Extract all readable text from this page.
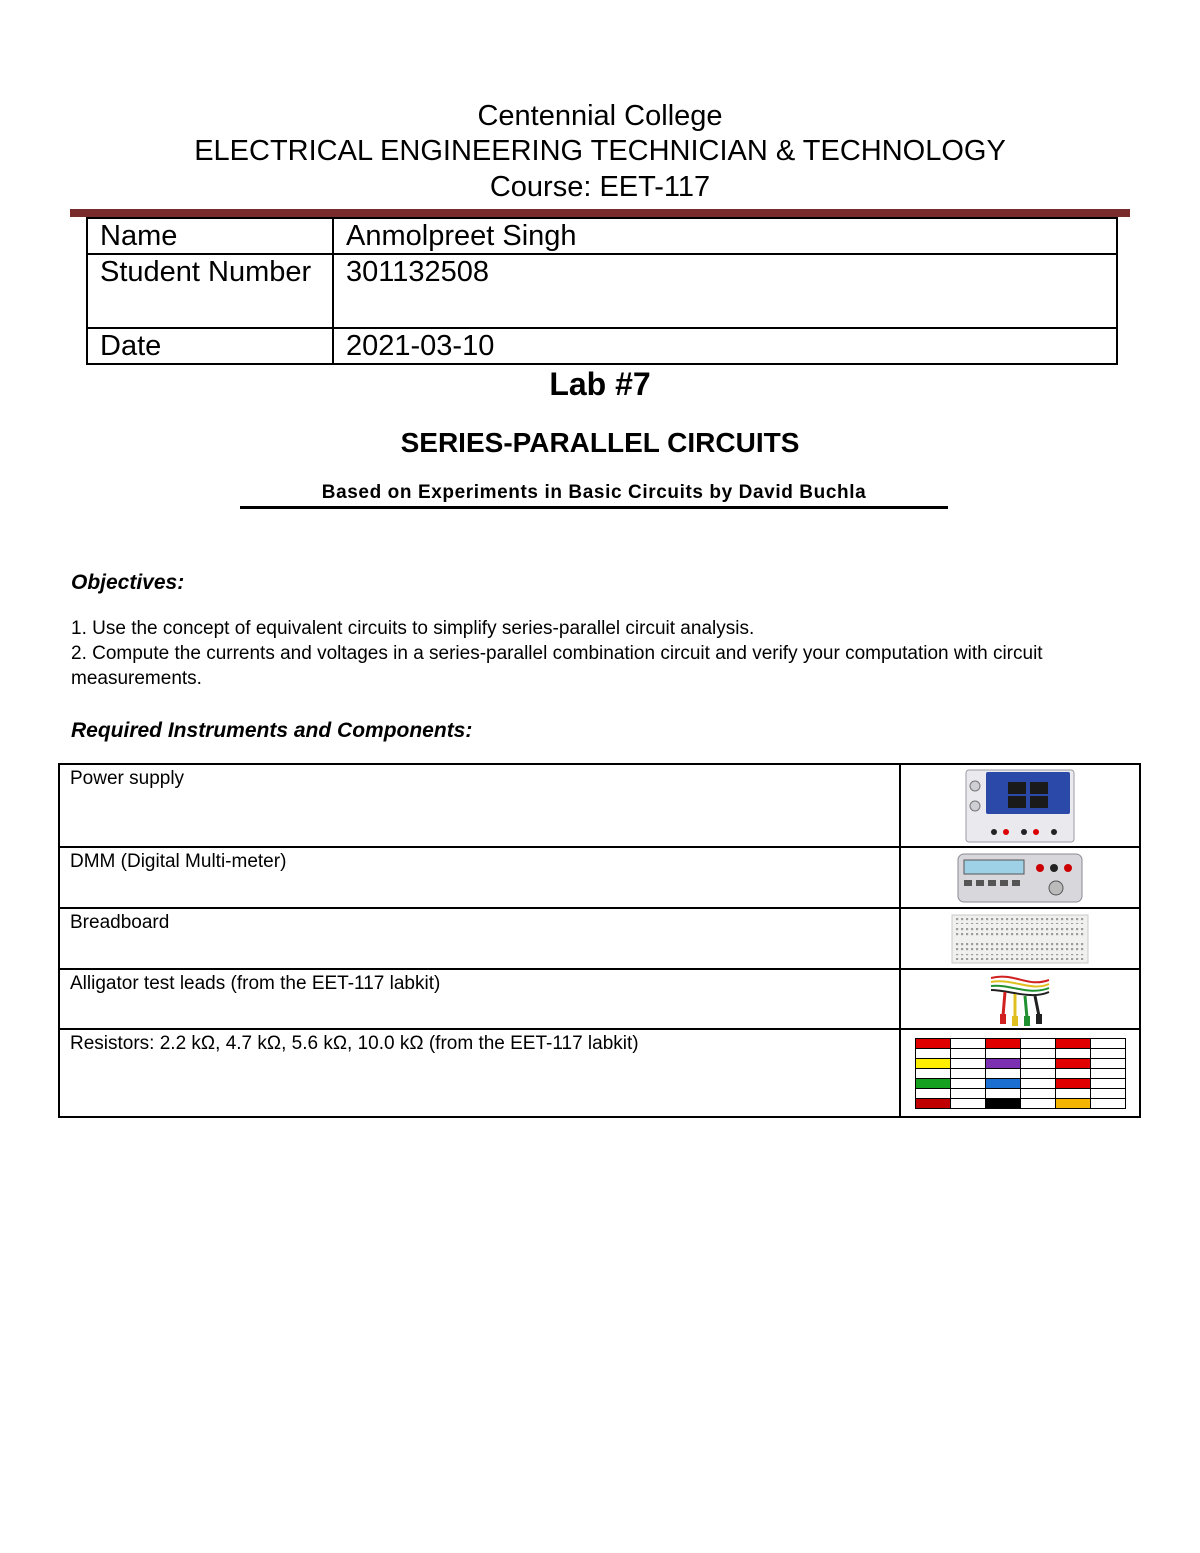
Centennial College
ELECTRICAL ENGINEERING TECHNICIAN & TECHNOLOGY
Course: EET-117
Name	Anmolpreet Singh
Student Number	301132508
Date	2021-03-10
Lab #7
SERIES-PARALLEL CIRCUITS
Based on Experiments in Basic Circuits by David Buchla
Objectives:

1. Use the concept of equivalent circuits to simplify series-parallel circuit analysis.

2. Compute the currents and voltages in a series-parallel combination circuit and verify your computation with circuit measurements.

Required Instruments and Components:
Power supply	

DMM (Digital Multi-meter)	

Breadboard	

Alligator test leads (from the EET-117 labkit)	

Resistors: 2.2 kΩ, 4.7 kΩ, 5.6 kΩ, 10.0 kΩ (from the EET-117 labkit)	
